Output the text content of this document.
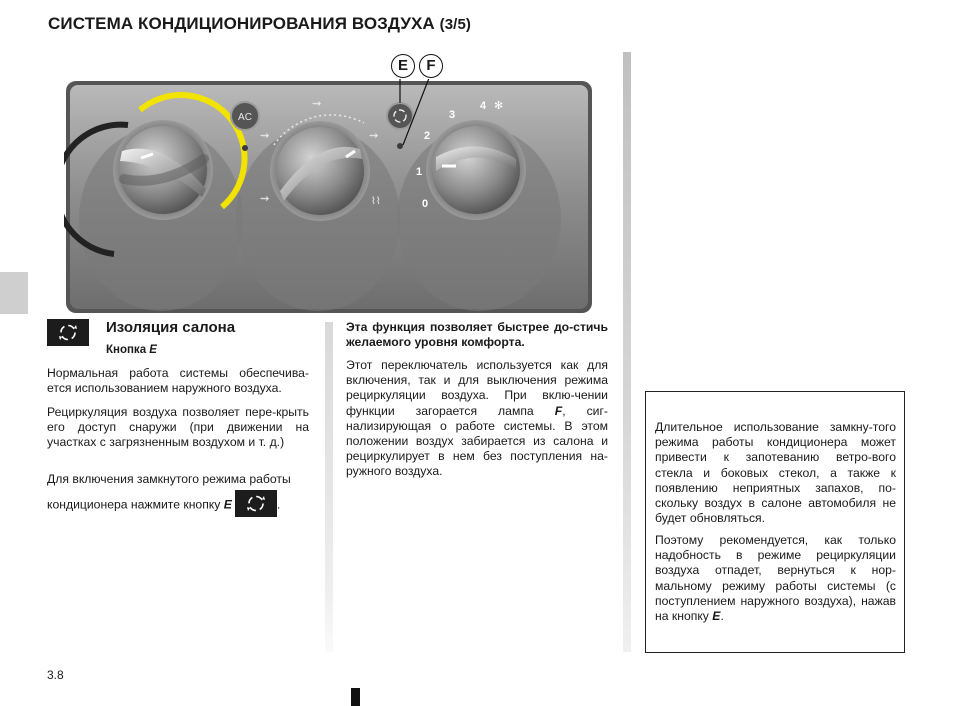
СИСТЕМА КОНДИЦИОНИРОВАНИЯ ВОЗДУХА (3/5)
AC
⇝
⇝
⇝
⇝	⌇⌇
3
4 ✻
2
1
0
E	F
Изоляция салона
Кнопка E
Нормальная работа системы обеспечива-ется использованием наружного воздуха.
Рециркуляция воздуха позволяет пере-крыть его доступ снаружи (при движении на участках с загрязненным воздухом и т. д.)
Для включения замкнутого режима работы
кондиционера нажмите кнопку E	.
Эта функция позволяет быстрее до-стичь желаемого уровня комфорта.
Этот переключатель используется как для включения, так и для выключения режима рециркуляции воздуха. При вклю-чении функции загорается лампа F, сиг-нализирующая о работе системы. В этом положении воздух забирается из салона и рециркулирует в нем без поступления на-ружного воздуха.
Длительное использование замкну-того режима работы кондиционера может привести к запотеванию ветро-вого стекла и боковых стекол, а также к появлению неприятных запахов, по-скольку воздух в салоне автомобиля не будет обновляться.
Поэтому рекомендуется, как только надобность в режиме рециркуляции воздуха отпадет, вернуться к нор-мальному режиму работы системы (с поступлением наружного воздуха), нажав на кнопку E.
3.8
